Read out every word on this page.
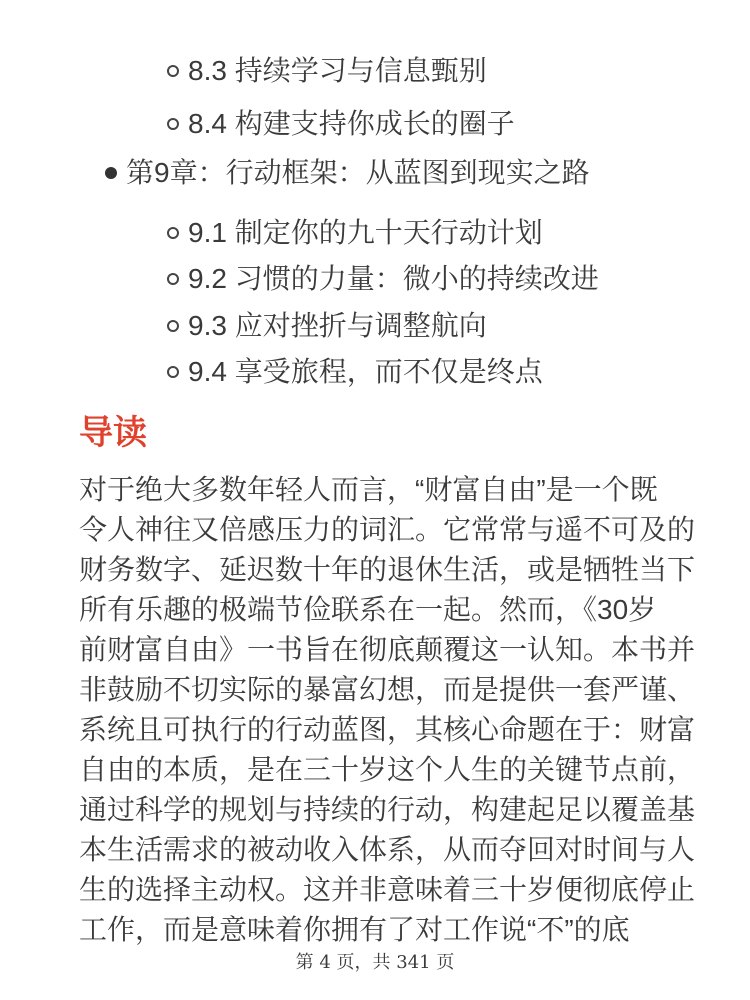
8.3 持续学习与信息甄别
8.4 构建支持你成长的圈子
第9章：行动框架：从蓝图到现实之路
9.1 制定你的九十天行动计划
9.2 习惯的力量：微小的持续改进
9.3 应对挫折与调整航向
9.4 享受旅程，而不仅是终点
导读
对于绝大多数年轻人而言，“财富自由”是一个既
令人神往又倍感压力的词汇。它常常与遥不可及的
财务数字、延迟数十年的退休生活，或是牺牲当下
所有乐趣的极端节俭联系在一起。然而，《30岁
前财富自由》一书旨在彻底颠覆这一认知。本书并
非鼓励不切实际的暴富幻想，而是提供一套严谨、
系统且可执行的行动蓝图，其核心命题在于：财富
自由的本质，是在三十岁这个人生的关键节点前，
通过科学的规划与持续的行动，构建起足以覆盖基
本生活需求的被动收入体系，从而夺回对时间与人
生的选择主动权。这并非意味着三十岁便彻底停止
工作，而是意味着你拥有了对工作说“不”的底
第 4 页，共 341 页
